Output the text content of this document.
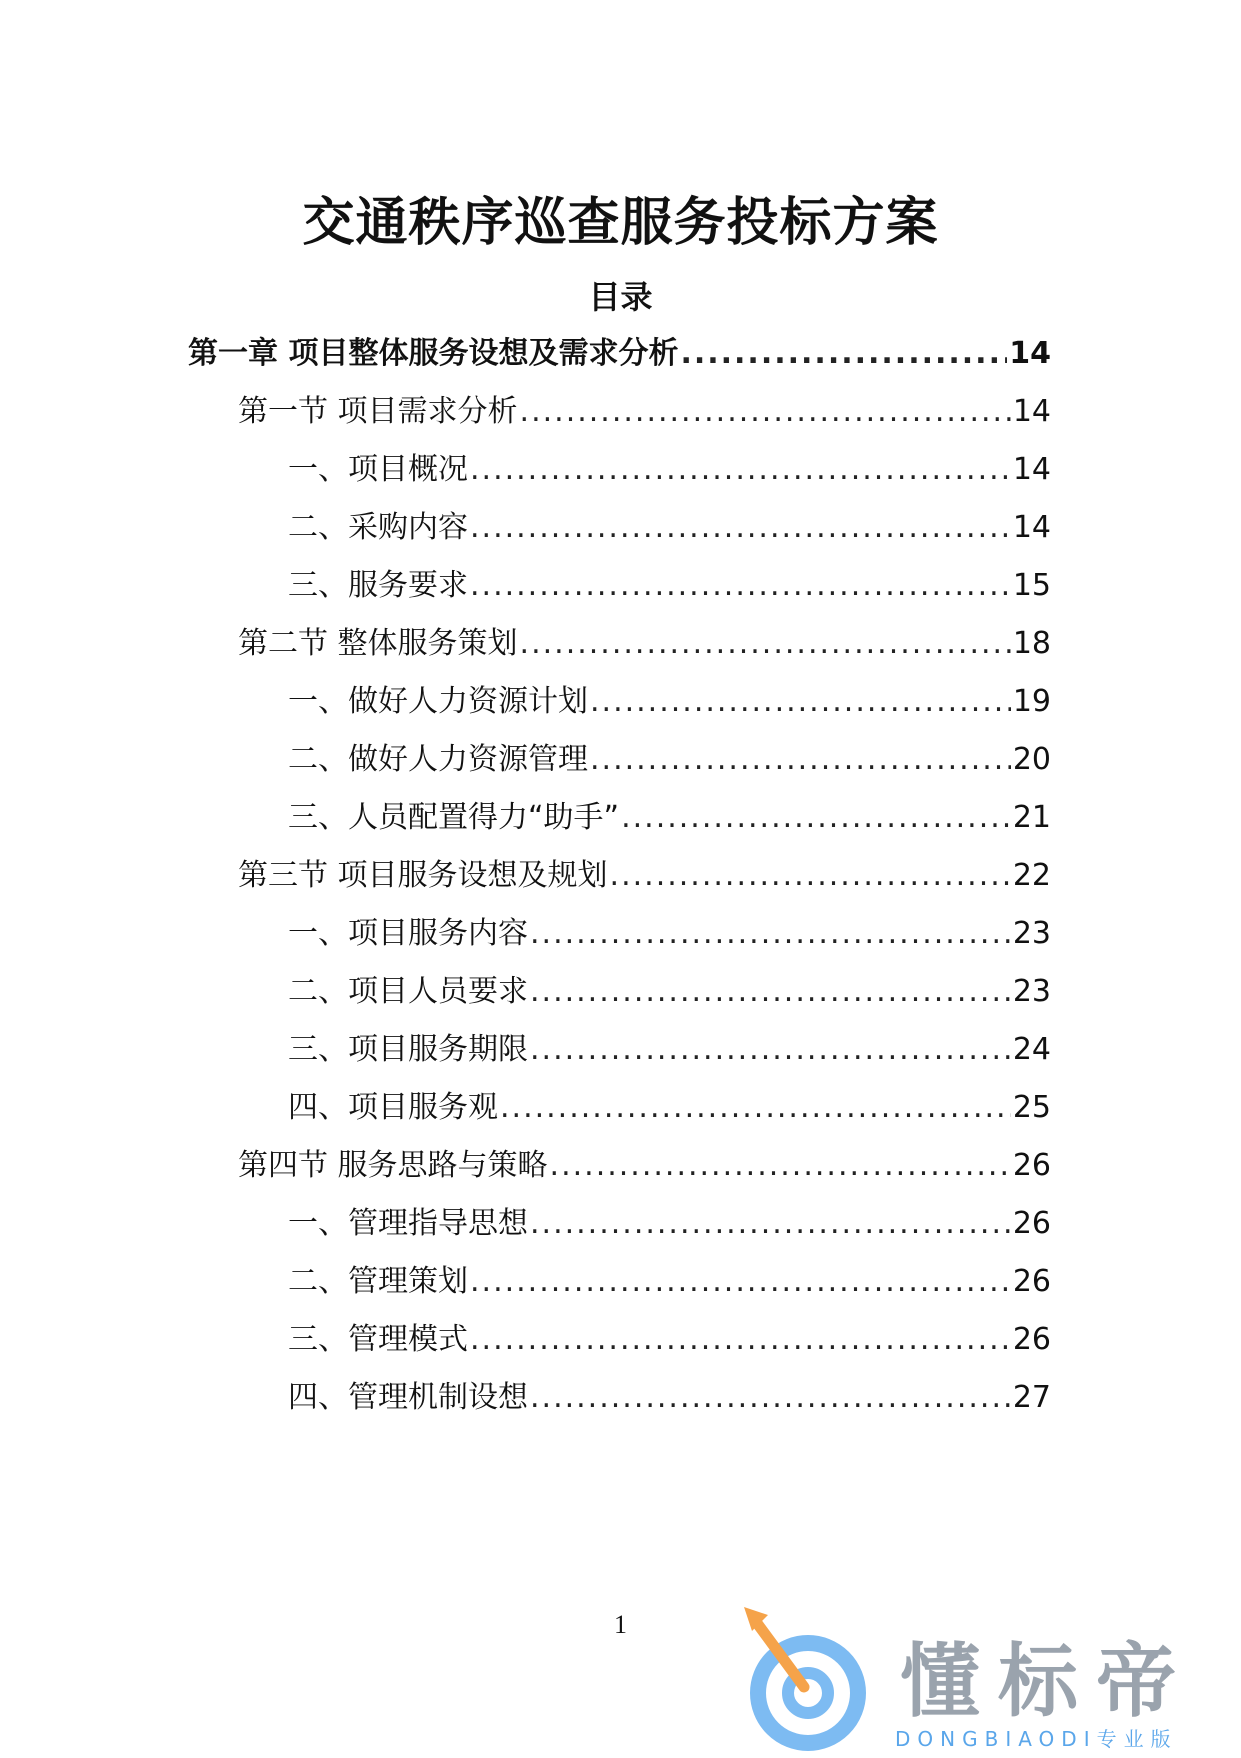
交通秩序巡查服务投标方案
目录
第一章 项目整体服务设想及需求分析 .....	14
第一节 项目需求分析 .....	14
一、项目概况 .....	14
二、采购内容 .....	14
三、服务要求 .....	15
第二节 整体服务策划 .....	18
一、做好人力资源计划 .....	19
二、做好人力资源管理 .....	20
三、人员配置得力“助手” .....	21
第三节 项目服务设想及规划 .....	22
一、项目服务内容 .....	23
二、项目人员要求 .....	23
三、项目服务期限 .....	24
四、项目服务观 .....	25
第四节 服务思路与策略 .....	26
一、管理指导思想 .....	26
二、管理策划 .....	26
三、管理模式 .....	26
四、管理机制设想 .....	27
1
懂标帝
DONGBIAODI专业版
